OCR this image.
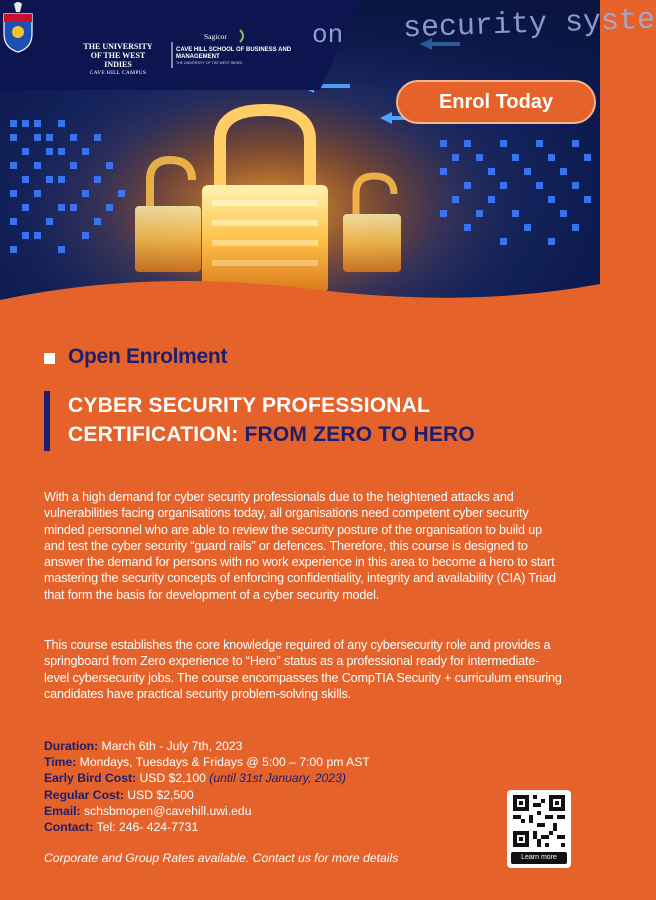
THE UNIVERSITY OF THE WEST INDIES
CAVE HILL CAMPUS
Sagicor
CAVE HILL SCHOOL OF BUSINESS AND MANAGEMENT
THE UNIVERSITY OF THE WEST INDIES
on security syste
Enrol Today
Open Enrolment
CYBER SECURITY PROFESSIONAL CERTIFICATION: FROM ZERO TO HERO

With a high demand for cyber security professionals due to the heightened attacks and vulnerabilities facing organisations today, all organisations need competent cyber security minded personnel who are able to review the security posture of the organisation to build up and test the cyber security “guard rails” or defences. Therefore, this course is designed to answer the demand for persons with no work experience in this area to become a hero to start mastering the security concepts of enforcing confidentiality, integrity and availability (CIA) Triad that form the basis for development of a cyber security model.

This course establishes the core knowledge required of any cybersecurity role and provides a springboard from Zero experience to “Hero” status as a professional ready for intermediate-level cybersecurity jobs. The course encompasses the CompTIA Security + curriculum ensuring candidates have practical security problem-solving skills.

Duration: March 6th - July 7th, 2023
Time: Mondays, Tuesdays & Fridays @ 5:00 – 7:00 pm AST
Early Bird Cost: USD $2,100 (until 31st January, 2023)
Regular Cost: USD $2,500
Email: schsbmopen@cavehill.uwi.edu
Contact: Tel: 246- 424-7731
Corporate and Group Rates available. Contact us for more details	Learn more
